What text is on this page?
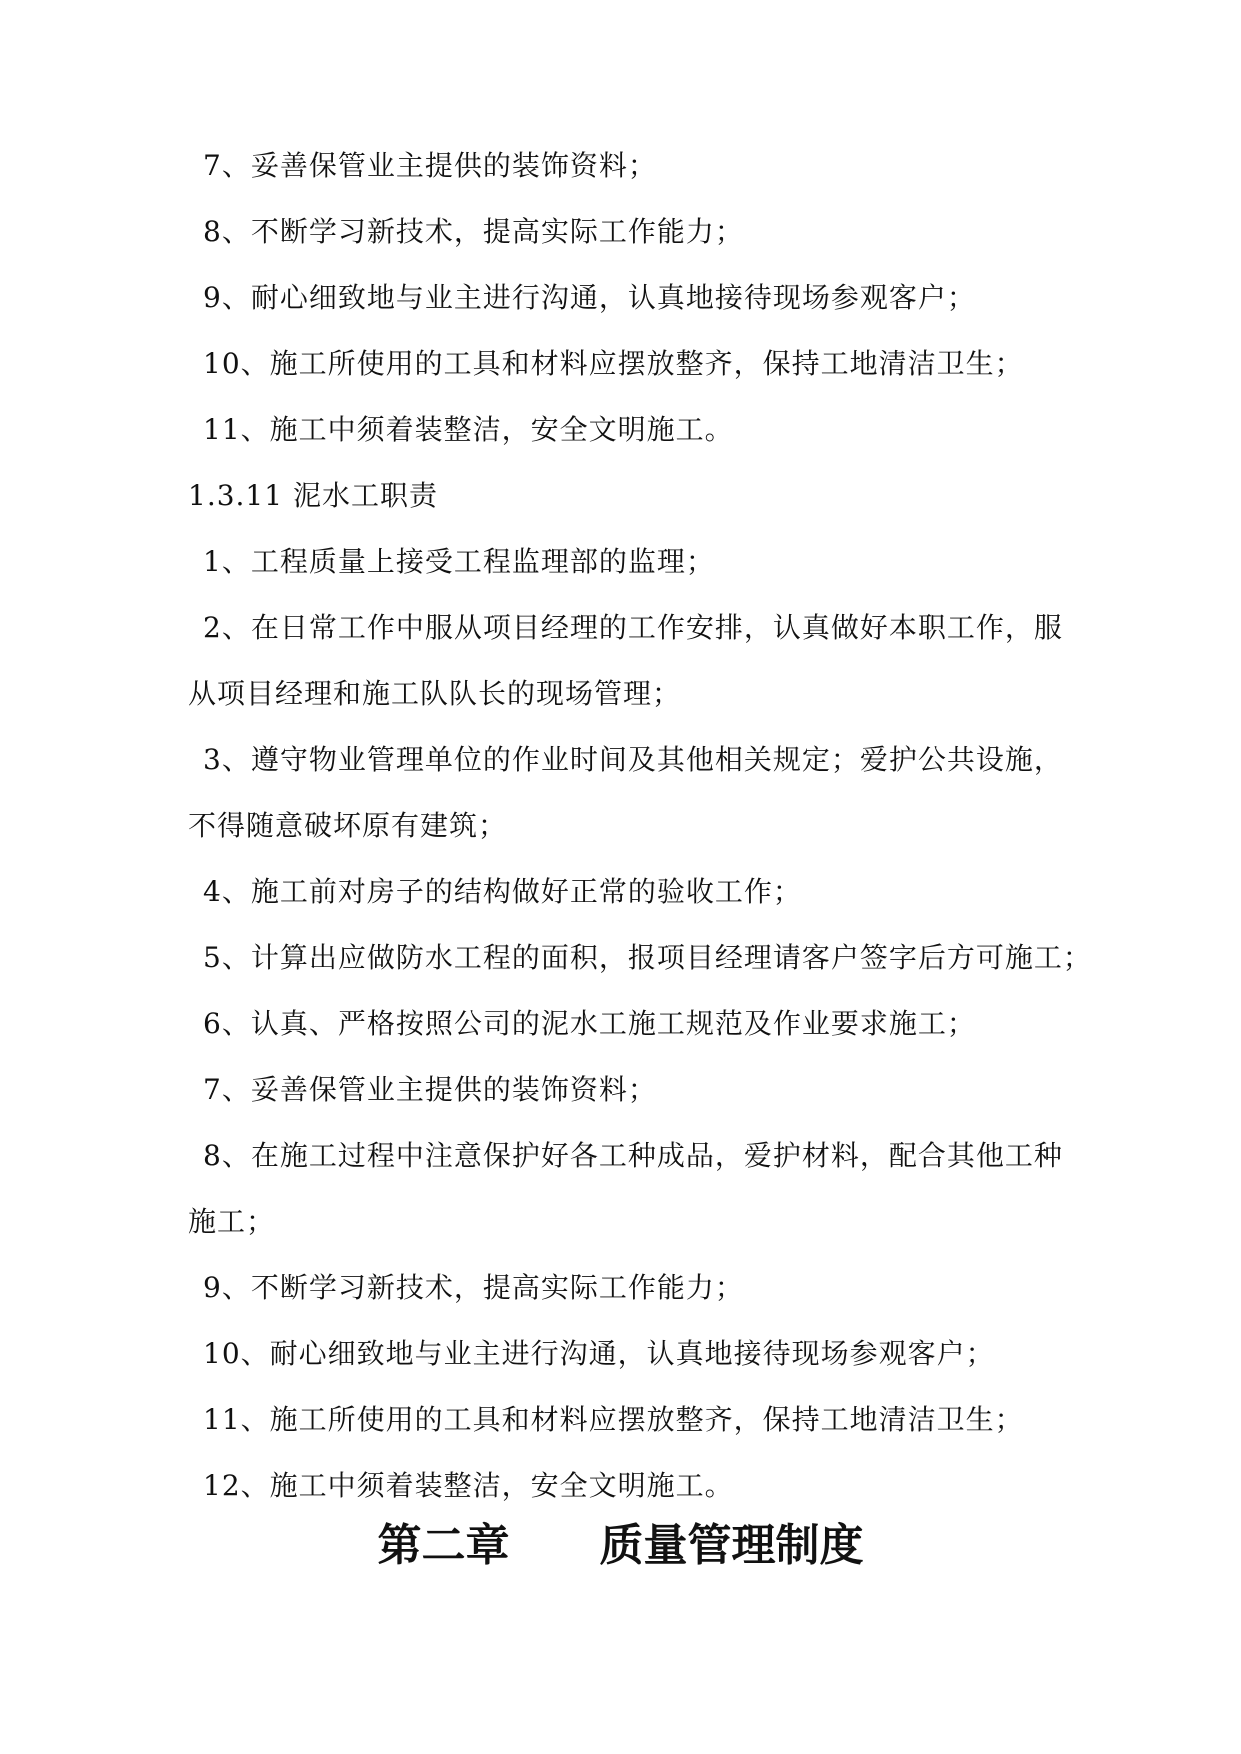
7、妥善保管业主提供的装饰资料；
8、不断学习新技术，提高实际工作能力；
9、耐心细致地与业主进行沟通，认真地接待现场参观客户；
10、施工所使用的工具和材料应摆放整齐，保持工地清洁卫生；
11、施工中须着装整洁，安全文明施工。
1.3.11 泥水工职责
1、工程质量上接受工程监理部的监理；
2、在日常工作中服从项目经理的工作安排，认真做好本职工作，服
从项目经理和施工队队长的现场管理；
3、遵守物业管理单位的作业时间及其他相关规定；爱护公共设施，
不得随意破坏原有建筑；
4、施工前对房子的结构做好正常的验收工作；
5、计算出应做防水工程的面积，报项目经理请客户签字后方可施工；
6、认真、严格按照公司的泥水工施工规范及作业要求施工；
7、妥善保管业主提供的装饰资料；
8、在施工过程中注意保护好各工种成品，爱护材料，配合其他工种
施工；
9、不断学习新技术，提高实际工作能力；
10、耐心细致地与业主进行沟通，认真地接待现场参观客户；
11、施工所使用的工具和材料应摆放整齐，保持工地清洁卫生；
12、施工中须着装整洁，安全文明施工。
第二章 质量管理制度
